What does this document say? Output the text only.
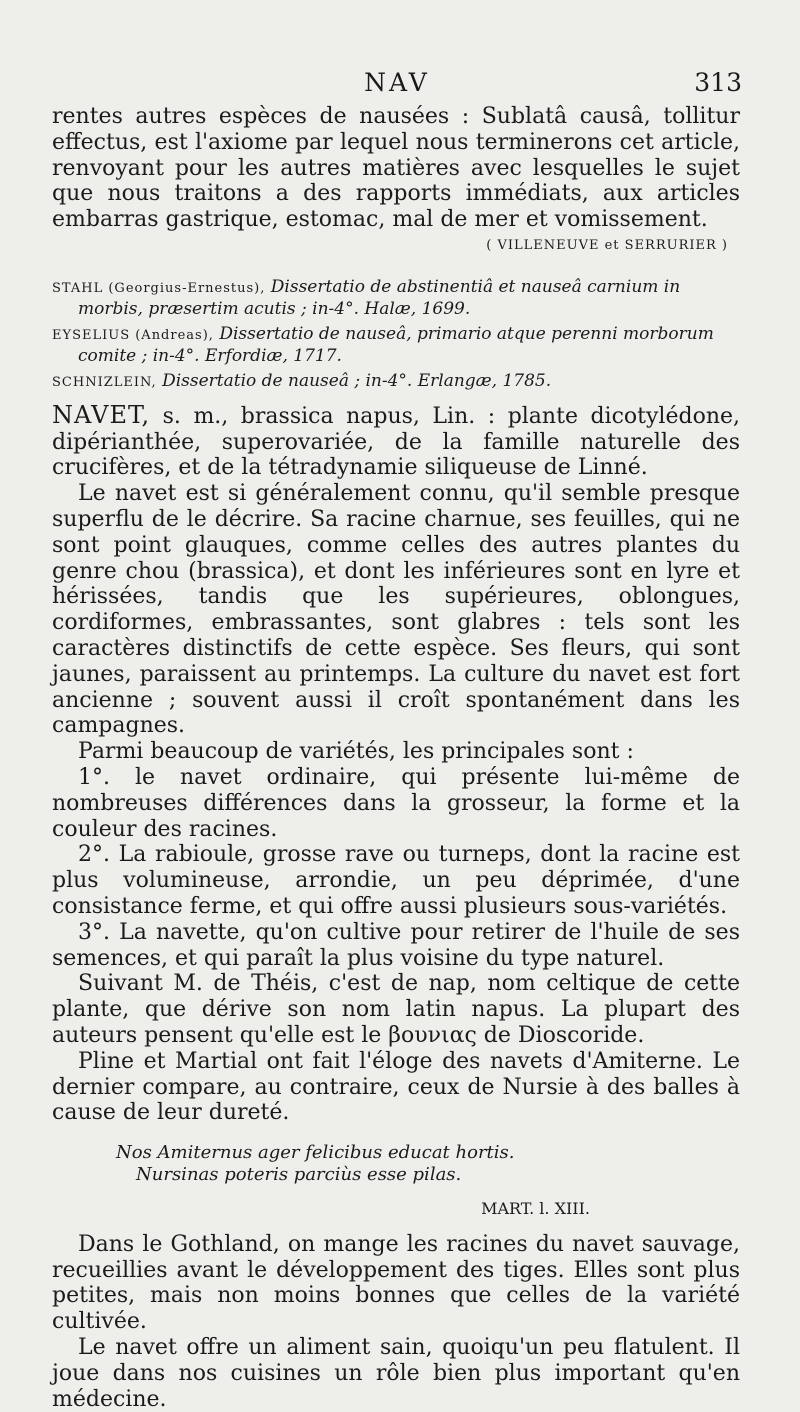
NAV	313

rentes autres espèces de nausées : Sublatâ causâ, tollitur effectus, est l'axiome par lequel nous terminerons cet article, renvoyant pour les autres matières avec lesquelles le sujet que nous traitons a des rapports immédiats, aux articles embarras gastrique, estomac, mal de mer et vomissement.

( VILLENEUVE et SERRURIER )

STAHL (Georgius-Ernestus), Dissertatio de abstinentiâ et nauseâ carnium in morbis, præsertim acutis ; in-4°. Halæ, 1699.

EYSELIUS (Andreas), Dissertatio de nauseâ, primario atque perenni morborum comite ; in-4°. Erfordiæ, 1717.

SCHNIZLEIN, Dissertatio de nauseâ ; in-4°. Erlangæ, 1785.

NAVET, s. m., brassica napus, Lin. : plante dicotylédone, dipérianthée, superovariée, de la famille naturelle des crucifères, et de la tétradynamie siliqueuse de Linné.

Le navet est si généralement connu, qu'il semble presque superflu de le décrire. Sa racine charnue, ses feuilles, qui ne sont point glauques, comme celles des autres plantes du genre chou (brassica), et dont les inférieures sont en lyre et hérissées, tandis que les supérieures, oblongues, cordiformes, embrassantes, sont glabres : tels sont les caractères distinctifs de cette espèce. Ses fleurs, qui sont jaunes, paraissent au printemps. La culture du navet est fort ancienne ; souvent aussi il croît spontanément dans les campagnes.

Parmi beaucoup de variétés, les principales sont :

1°. le navet ordinaire, qui présente lui-même de nombreuses différences dans la grosseur, la forme et la couleur des racines.

2°. La rabioule, grosse rave ou turneps, dont la racine est plus volumineuse, arrondie, un peu déprimée, d'une consistance ferme, et qui offre aussi plusieurs sous-variétés.

3°. La navette, qu'on cultive pour retirer de l'huile de ses semences, et qui paraît la plus voisine du type naturel.

Suivant M. de Théis, c'est de nap, nom celtique de cette plante, que dérive son nom latin napus. La plupart des auteurs pensent qu'elle est le βουνιας de Dioscoride.

Pline et Martial ont fait l'éloge des navets d'Amiterne. Le dernier compare, au contraire, ceux de Nursie à des balles à cause de leur dureté.

Nos Amiternus ager felicibus educat hortis.
Nursinas poteris parciùs esse pilas.
MART. l. XIII.

Dans le Gothland, on mange les racines du navet sauvage, recueillies avant le développement des tiges. Elles sont plus petites, mais non moins bonnes que celles de la variété cultivée.

Le navet offre un aliment sain, quoiqu'un peu flatulent. Il joue dans nos cuisines un rôle bien plus important qu'en médecine.
